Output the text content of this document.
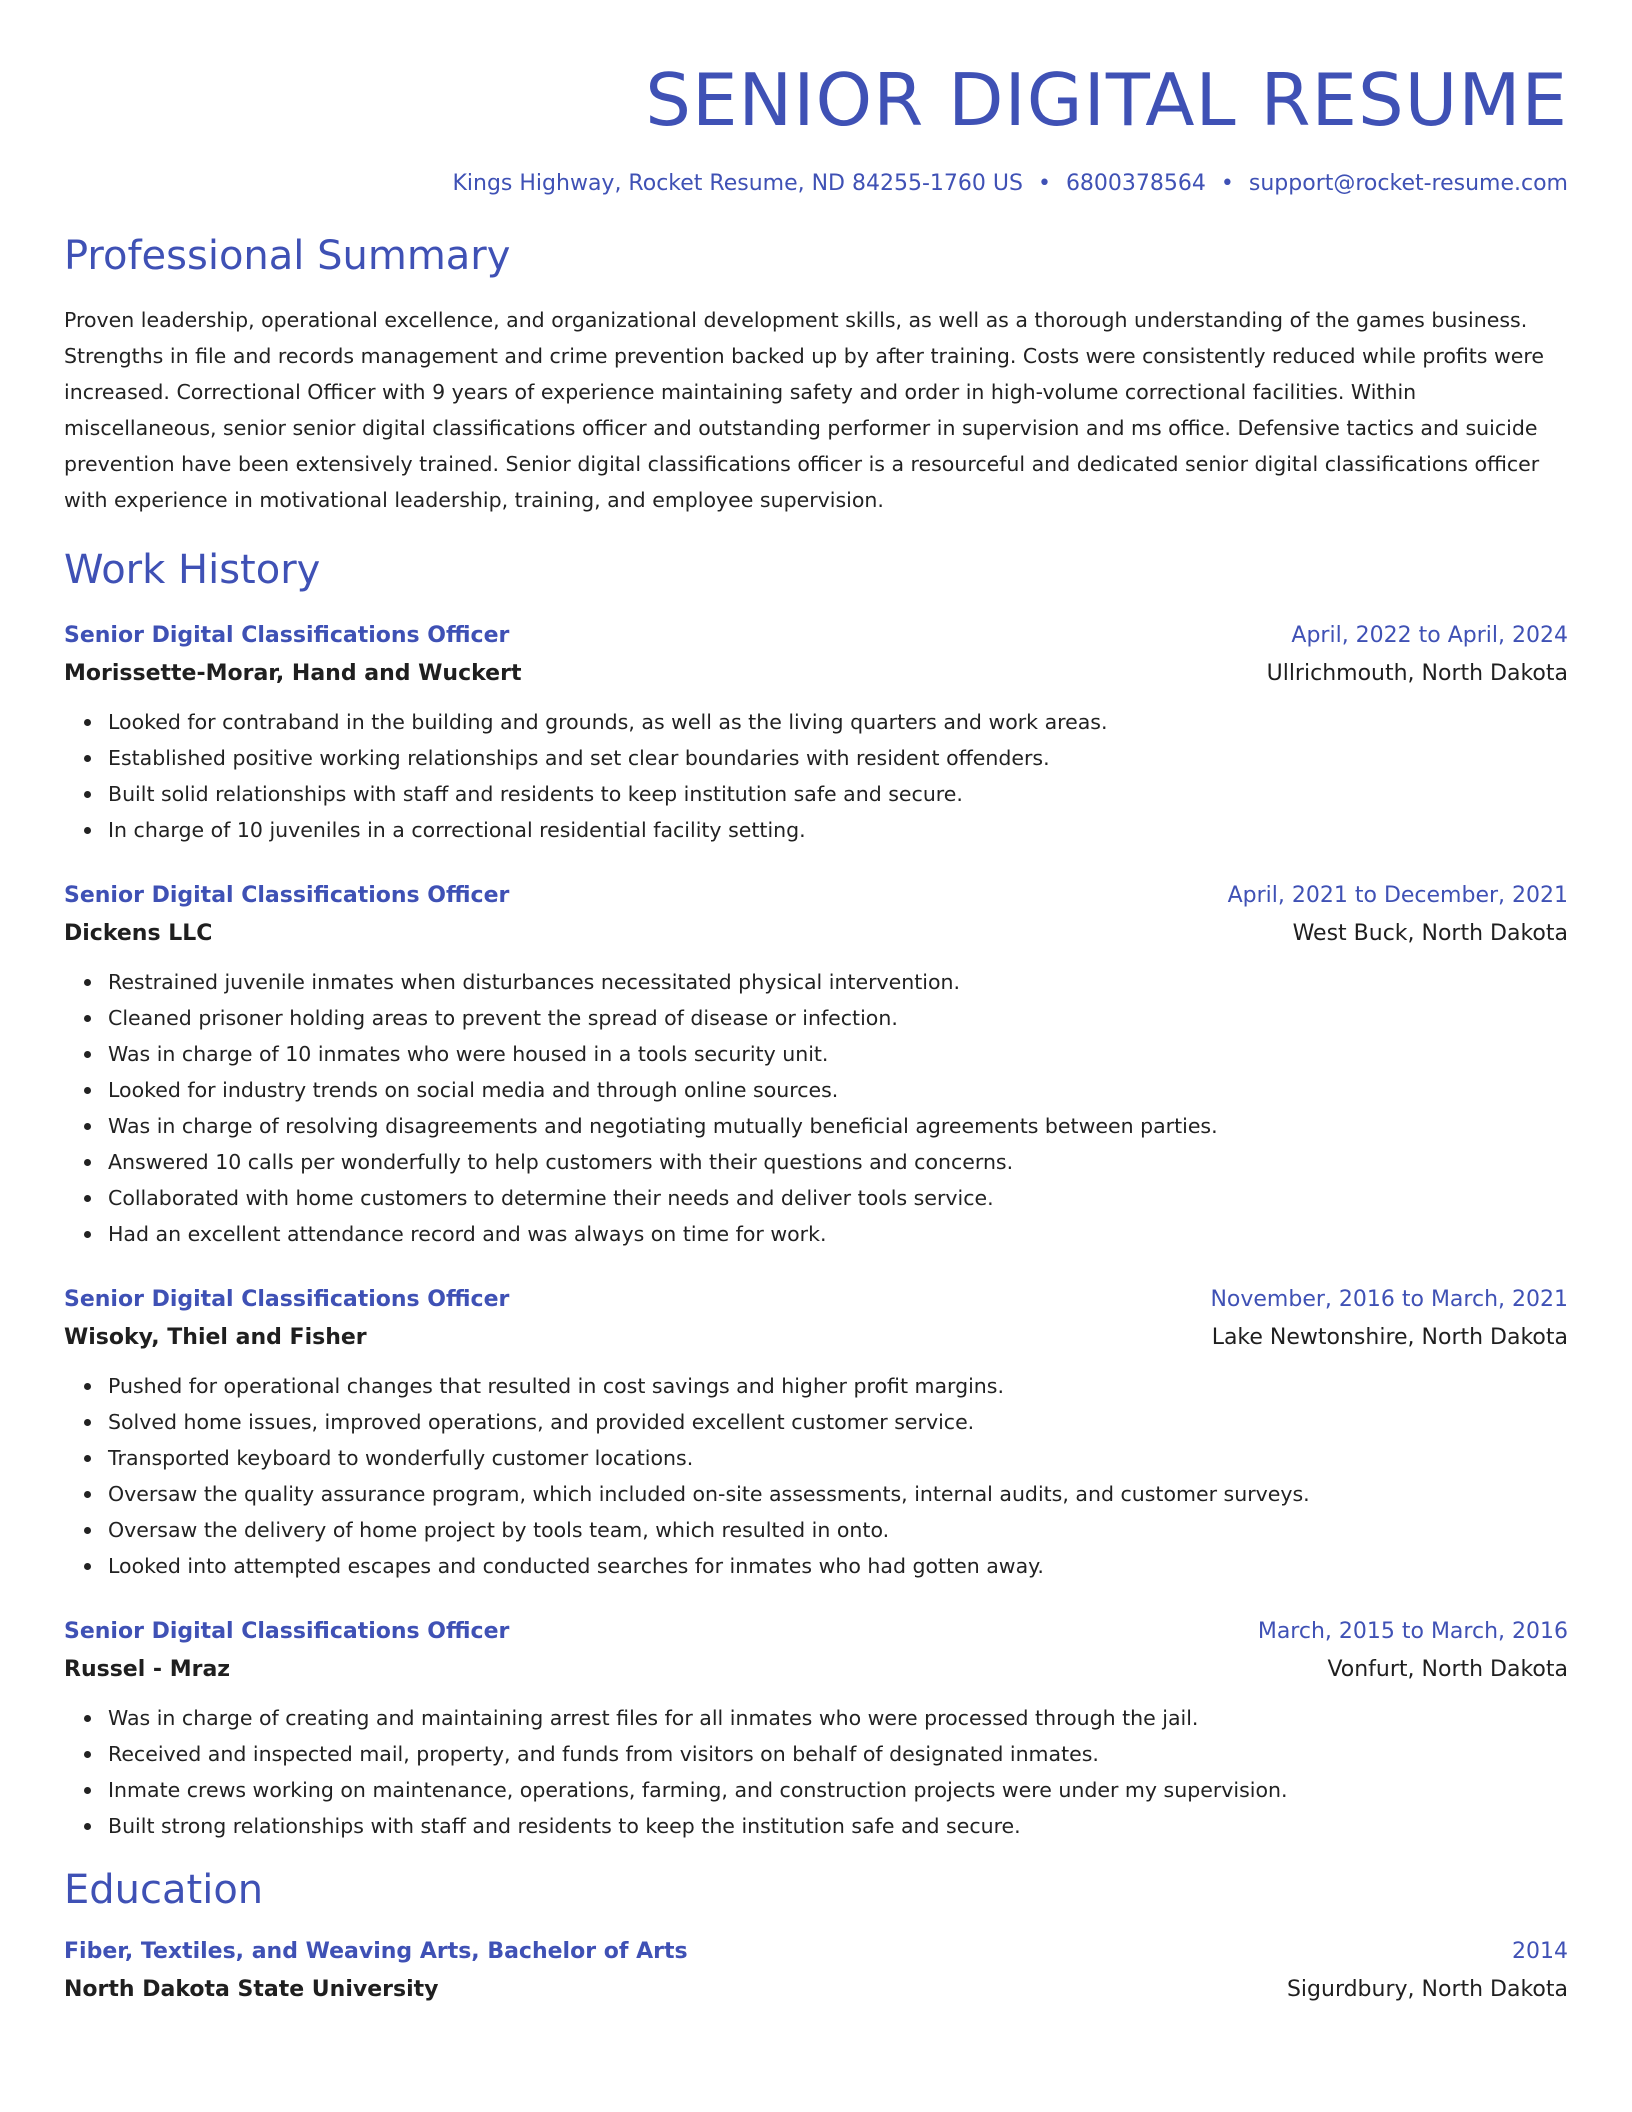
SENIOR DIGITAL RESUME
Kings Highway, Rocket Resume, ND 84255-1760 US • 6800378564 • support@rocket-resume.com
Professional Summary

Proven leadership, operational excellence, and organizational development skills, as well as a thorough understanding of the games business. Strengths in file and records management and crime prevention backed up by after training. Costs were consistently reduced while profits were increased. Correctional Officer with 9 years of experience maintaining safety and order in high-volume correctional facilities. Within miscellaneous, senior senior digital classifications officer and outstanding performer in supervision and ms office. Defensive tactics and suicide prevention have been extensively trained. Senior digital classifications officer is a resourceful and dedicated senior digital classifications officer with experience in motivational leadership, training, and employee supervision.

Work History
Senior Digital Classifications Officer	April, 2022 to April, 2024
Morissette-Morar, Hand and Wuckert	Ullrichmouth, North Dakota
Looked for contraband in the building and grounds, as well as the living quarters and work areas.
Established positive working relationships and set clear boundaries with resident offenders.
Built solid relationships with staff and residents to keep institution safe and secure.
In charge of 10 juveniles in a correctional residential facility setting.
Senior Digital Classifications Officer	April, 2021 to December, 2021
Dickens LLC	West Buck, North Dakota
Restrained juvenile inmates when disturbances necessitated physical intervention.
Cleaned prisoner holding areas to prevent the spread of disease or infection.
Was in charge of 10 inmates who were housed in a tools security unit.
Looked for industry trends on social media and through online sources.
Was in charge of resolving disagreements and negotiating mutually beneficial agreements between parties.
Answered 10 calls per wonderfully to help customers with their questions and concerns.
Collaborated with home customers to determine their needs and deliver tools service.
Had an excellent attendance record and was always on time for work.
Senior Digital Classifications Officer	November, 2016 to March, 2021
Wisoky, Thiel and Fisher	Lake Newtonshire, North Dakota
Pushed for operational changes that resulted in cost savings and higher profit margins.
Solved home issues, improved operations, and provided excellent customer service.
Transported keyboard to wonderfully customer locations.
Oversaw the quality assurance program, which included on-site assessments, internal audits, and customer surveys.
Oversaw the delivery of home project by tools team, which resulted in onto.
Looked into attempted escapes and conducted searches for inmates who had gotten away.
Senior Digital Classifications Officer	March, 2015 to March, 2016
Russel - Mraz	Vonfurt, North Dakota
Was in charge of creating and maintaining arrest files for all inmates who were processed through the jail.
Received and inspected mail, property, and funds from visitors on behalf of designated inmates.
Inmate crews working on maintenance, operations, farming, and construction projects were under my supervision.
Built strong relationships with staff and residents to keep the institution safe and secure.
Education
Fiber, Textiles, and Weaving Arts, Bachelor of Arts	2014
North Dakota State University	Sigurdbury, North Dakota
